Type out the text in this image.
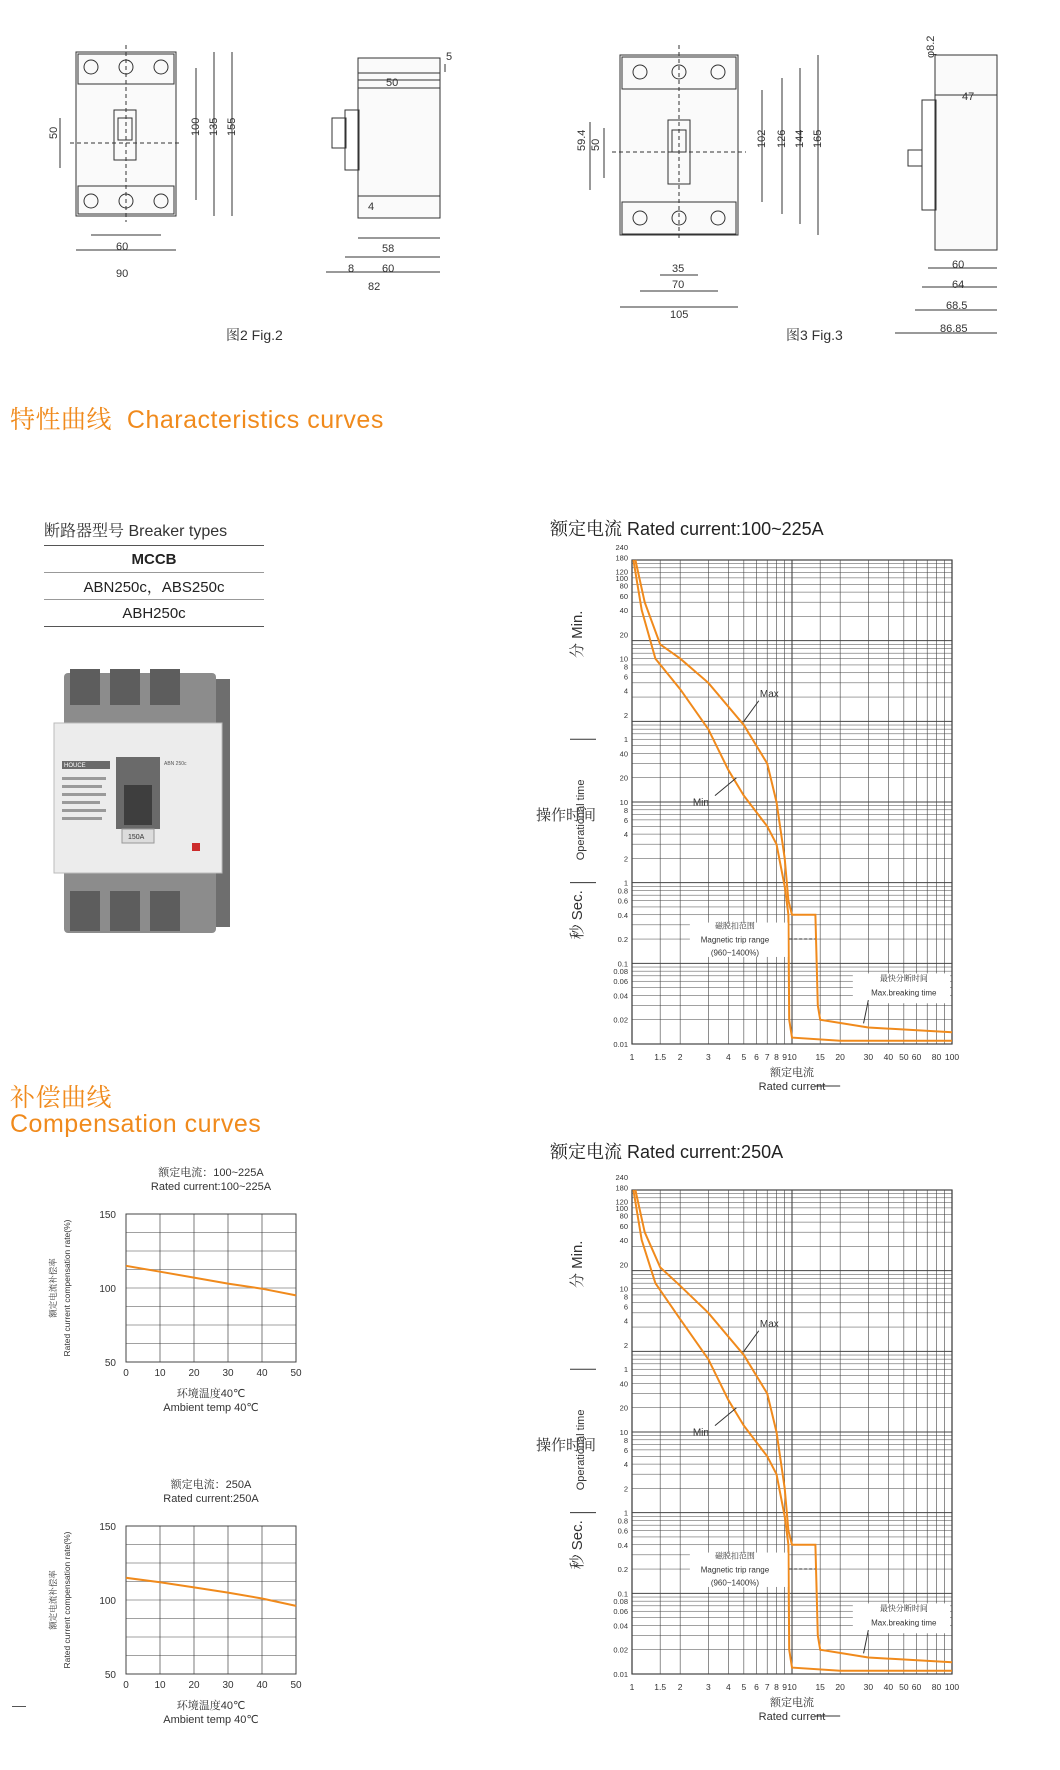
50	100 135 155
60
90
5
50
4
58
8	60
82
59.4 50	102 126 144 165
35
70
105
φ8.2
47
60
64
68.5
86.85
图2 Fig.2	图3 Fig.3
特性曲线 Characteristics curves
断路器型号 Breaker types
MCCB
ABN250c，ABS250c
ABH250c
HOUCE	ABN 250c
150A
额定电流 Rated current:100~225A
1 1.5 2	3 4 5 6 7 8 9 10 15 20 30 40 50 60 80 100
240
180
120
100
80
60
40
20
10
8
6
4
2
1
40
20
10
8
6
4
2
1
0.8
0.6
0.4
0.2
0.1
0.08
0.06
0.04
0.02
0.01
分 Min.
操作时间
Operational time
秒 Sec.
Max
Min
磁脱扣范围
Magnetic trip range
(960~1400%)
最快分断时间
Max.breaking time
额定电流
Rated current
额定电流 Rated current:250A
1 1.5 2	3 4 5 6 7 8 9 10 15 20 30 40 50 60 80 100
240
180
120
100
80
60
40
20
10
8
6
4
2
1
40
20
10
8
6
4
2
1
0.8
0.6
0.4
0.2
0.1
0.08
0.06
0.04
0.02
0.01
分 Min.
操作时间
Operational time
秒 Sec.
Max
Min
磁脱扣范围
Magnetic trip range
(960~1400%)
最快分断时间
Max.breaking time
额定电流
Rated current
补偿曲线
Compensation curves
额定电流：100~225A
Rated current:100~225A
0	10 20 30 40 50
150
100
50
环境温度40℃
Ambient temp 40℃
额定电流补偿率 Rated current compensation rate(%)
额定电流：250A
Rated current:250A
0	10 20 30 40 50
150
100
50
环境温度40℃
Ambient temp 40℃
额定电流补偿率 Rated current compensation rate(%)
